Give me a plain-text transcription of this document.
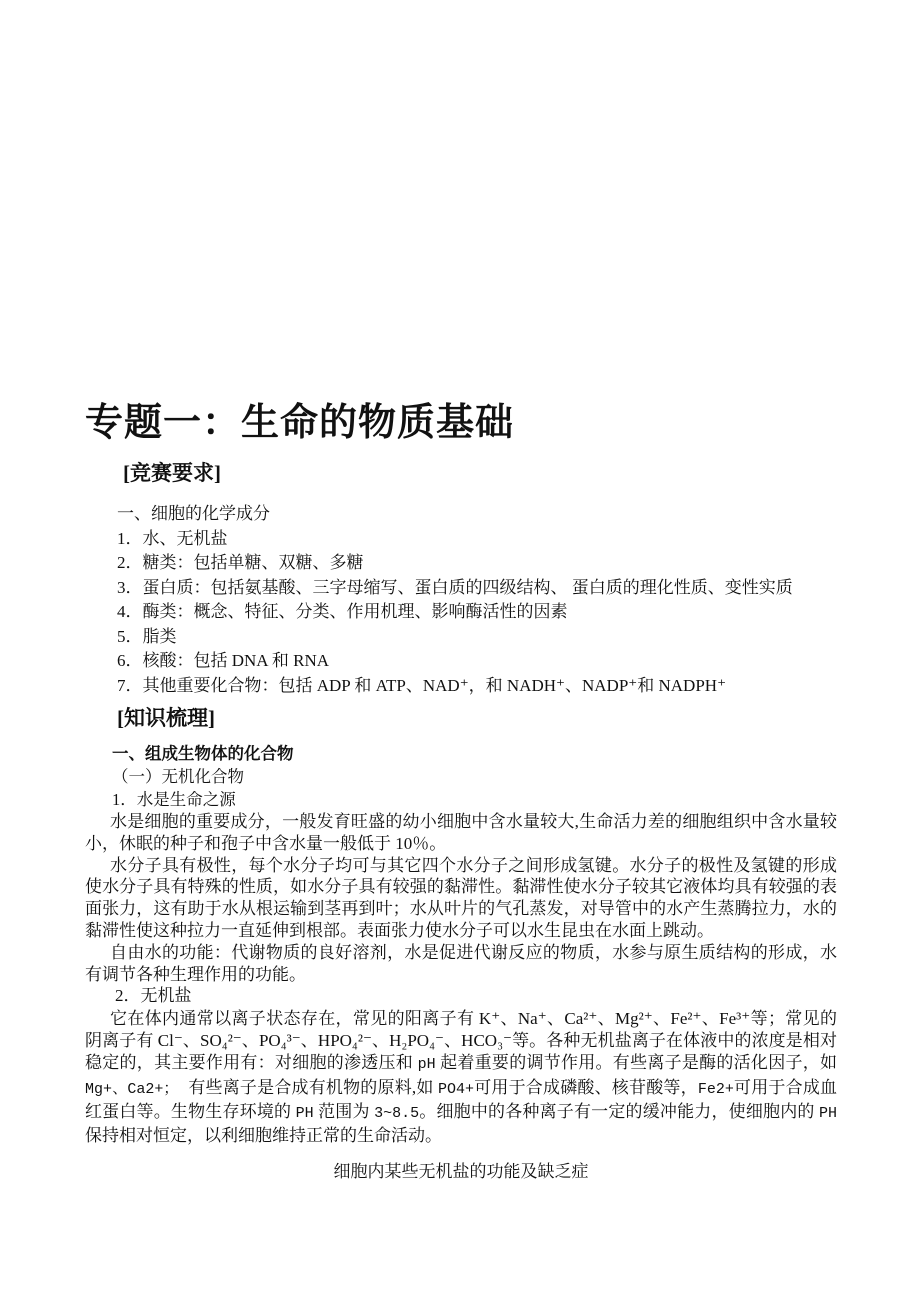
专题一：生命的物质基础
[竞赛要求]

一、细胞的化学成分

1．水、无机盐

2．糖类：包括单糖、双糖、多糖

3．蛋白质：包括氨基酸、三字母缩写、蛋白质的四级结构、 蛋白质的理化性质、变性实质

4．酶类：概念、特征、分类、作用机理、影响酶活性的因素

5．脂类

6．核酸：包括 DNA 和 RNA

7．其他重要化合物：包括 ADP 和 ATP、NAD⁺，和 NADH⁺、NADP⁺和 NADPH⁺

[知识梳理]

一、组成生物体的化合物

（一）无机化合物

1．水是生命之源

水是细胞的重要成分，一般发育旺盛的幼小细胞中含水量较大,生命活力差的细胞组织中含水量较小，休眠的种子和孢子中含水量一般低于 10％。

水分子具有极性，每个水分子均可与其它四个水分子之间形成氢键。水分子的极性及氢键的形成使水分子具有特殊的性质，如水分子具有较强的黏滞性。黏滞性使水分子较其它液体均具有较强的表面张力，这有助于水从根运输到茎再到叶；水从叶片的气孔蒸发，对导管中的水产生蒸腾拉力，水的黏滞性使这种拉力一直延伸到根部。表面张力使水分子可以水生昆虫在水面上跳动。

自由水的功能：代谢物质的良好溶剂，水是促进代谢反应的物质，水参与原生质结构的形成，水有调节各种生理作用的功能。

2．无机盐

它在体内通常以离子状态存在，常见的阳离子有 K⁺、Na⁺、Ca²⁺、Mg²⁺、Fe²⁺、Fe³⁺等；常见的阴离子有 Cl⁻、SO₄²⁻、PO₄³⁻、HPO₄²⁻、H₂PO₄⁻、HCO₃⁻等。各种无机盐离子在体液中的浓度是相对稳定的，其主要作用有：对细胞的渗透压和 pH 起着重要的调节作用。有些离子是酶的活化因子，如 Mg+、Ca2+；　有些离子是合成有机物的原料,如 PO4+可用于合成磷酸、核苷酸等，Fe2+可用于合成血红蛋白等。生物生存环境的 PH 范围为 3~8.5。细胞中的各种离子有一定的缓冲能力，使细胞内的 PH 保持相对恒定，以利细胞维持正常的生命活动。

细胞内某些无机盐的功能及缺乏症
